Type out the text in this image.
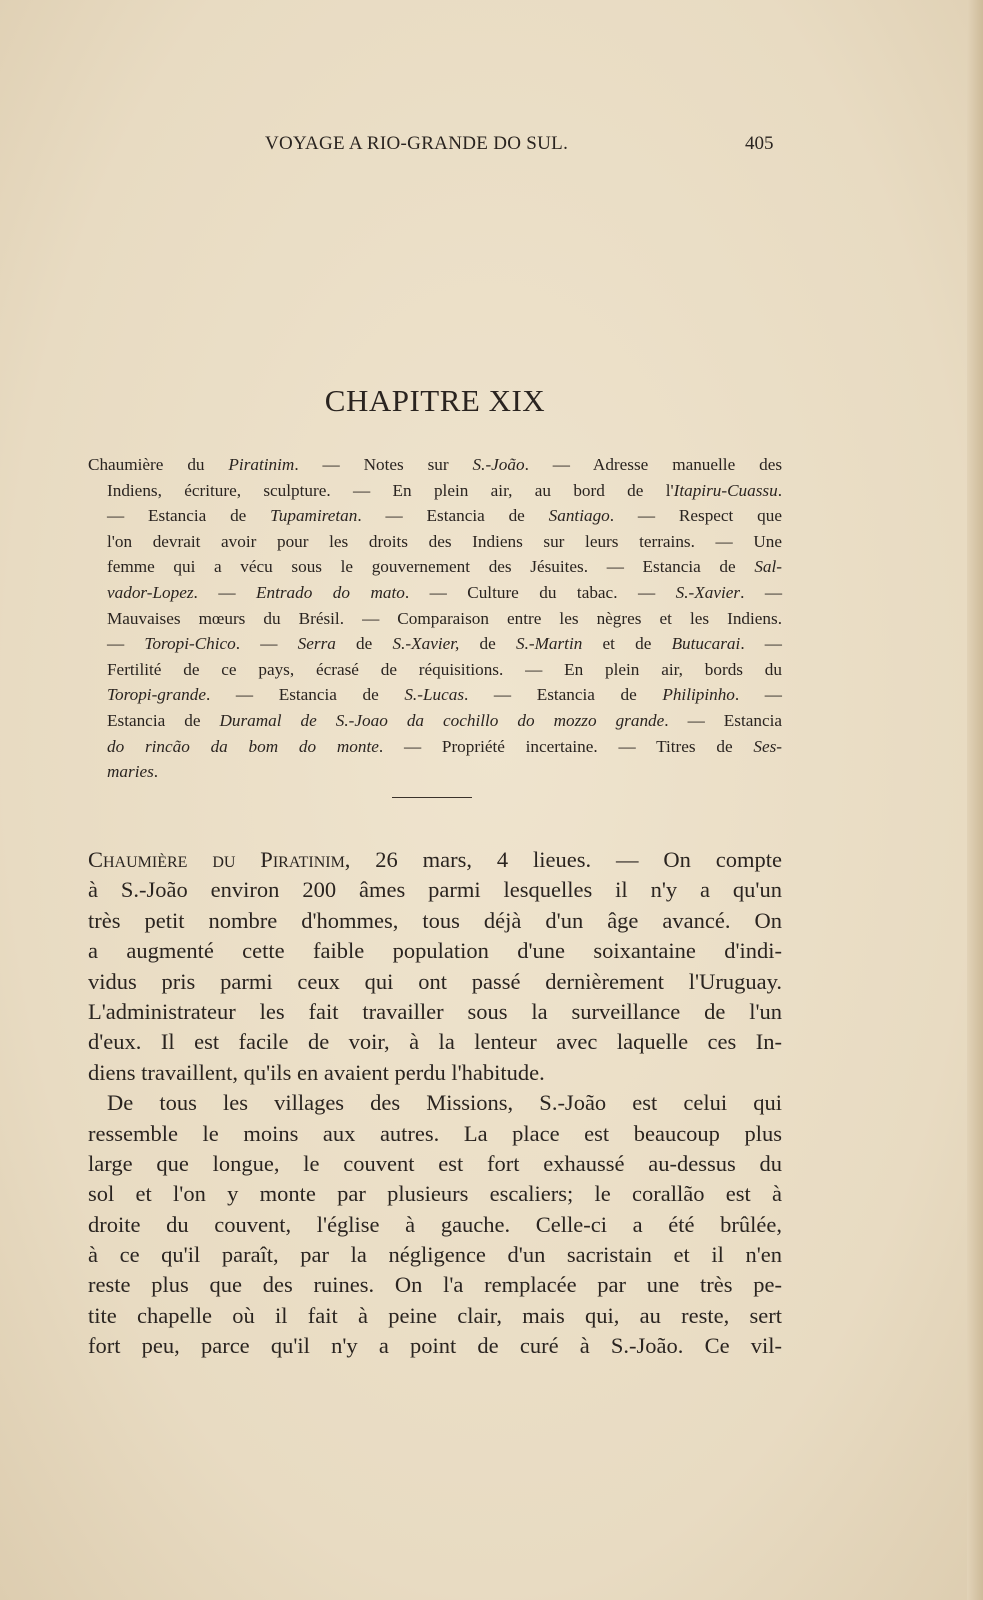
VOYAGE A RIO-GRANDE DO SUL.	405
CHAPITRE XIX
Chaumière du Piratinim. — Notes sur S.-João. — Adresse manuelle des
Indiens, écriture, sculpture. — En plein air, au bord de l'Itapiru-Cuassu.
— Estancia de Tupamiretan. — Estancia de Santiago. — Respect que
l'on devrait avoir pour les droits des Indiens sur leurs terrains. — Une
femme qui a vécu sous le gouvernement des Jésuites. — Estancia de Sal-
vador-Lopez. — Entrado do mato. — Culture du tabac. — S.-Xavier. —
Mauvaises mœurs du Brésil. — Comparaison entre les nègres et les Indiens.
— Toropi-Chico. — Serra de S.-Xavier, de S.-Martin et de Butucarai. —
Fertilité de ce pays, écrasé de réquisitions. — En plein air, bords du
Toropi-grande. — Estancia de S.-Lucas. — Estancia de Philipinho. —
Estancia de Duramal de S.-Joao da cochillo do mozzo grande. — Estancia
do rincão da bom do monte. — Propriété incertaine. — Titres de Ses-
maries.
Chaumière du Piratinim, 26 mars, 4 lieues. — On compte
à S.-João environ 200 âmes parmi lesquelles il n'y a qu'un
très petit nombre d'hommes, tous déjà d'un âge avancé. On
a augmenté cette faible population d'une soixantaine d'indi-
vidus pris parmi ceux qui ont passé dernièrement l'Uruguay.
L'administrateur les fait travailler sous la surveillance de l'un
d'eux. Il est facile de voir, à la lenteur avec laquelle ces In-
diens travaillent, qu'ils en avaient perdu l'habitude.
De tous les villages des Missions, S.-João est celui qui
ressemble le moins aux autres. La place est beaucoup plus
large que longue, le couvent est fort exhaussé au-dessus du
sol et l'on y monte par plusieurs escaliers; le corallão est à
droite du couvent, l'église à gauche. Celle-ci a été brûlée,
à ce qu'il paraît, par la négligence d'un sacristain et il n'en
reste plus que des ruines. On l'a remplacée par une très pe-
tite chapelle où il fait à peine clair, mais qui, au reste, sert
fort peu, parce qu'il n'y a point de curé à S.-João. Ce vil-
